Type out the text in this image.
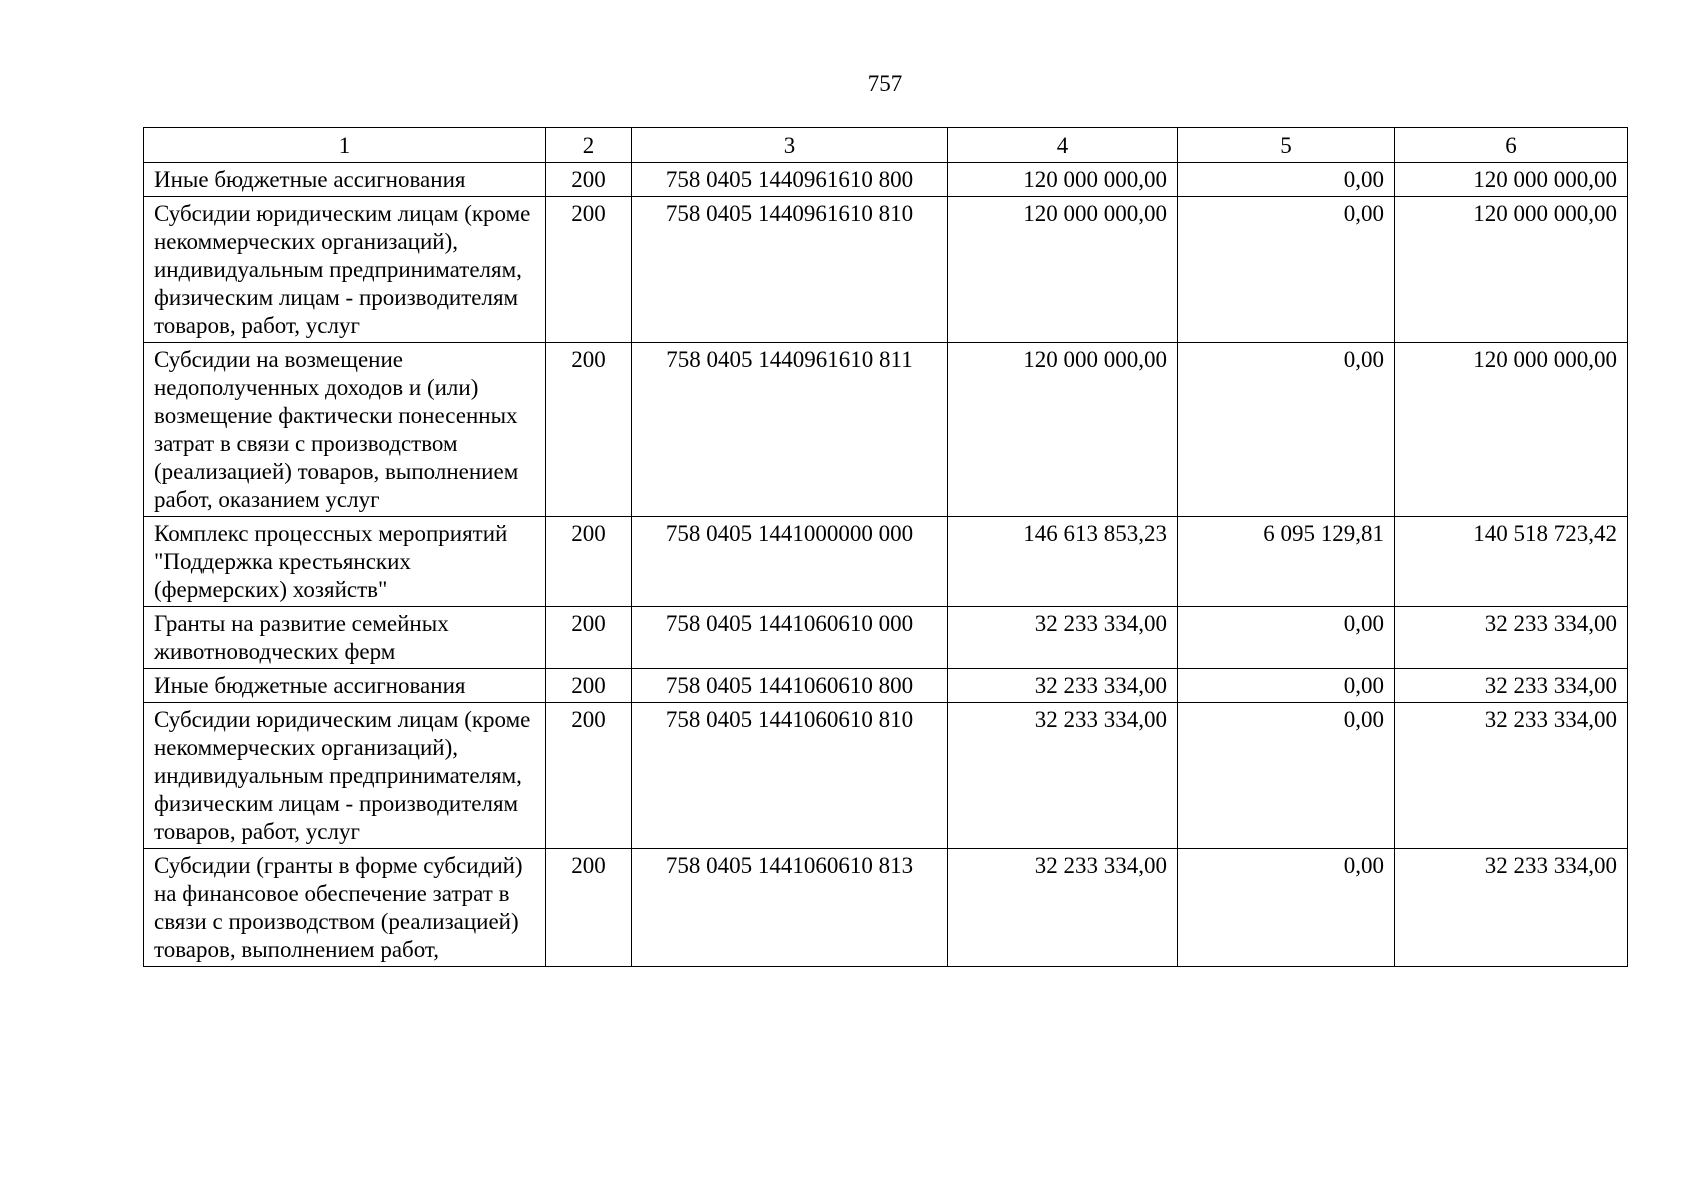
757
1	2	3	4	5	6
Иные бюджетные ассигнования	200	758 0405 1440961610 800	120 000 000,00	0,00	120 000 000,00
Субсидии юридическим лицам (кроме некоммерческих организаций), индивидуальным предпринимателям, физическим лицам - производителям товаров, работ, услуг	200	758 0405 1440961610 810	120 000 000,00	0,00	120 000 000,00
Субсидии на возмещение недополученных доходов и (или) возмещение фактически понесенных затрат в связи с производством (реализацией) товаров, выполнением работ, оказанием услуг	200	758 0405 1440961610 811	120 000 000,00	0,00	120 000 000,00
Комплекс процессных мероприятий "Поддержка крестьянских (фермерских) хозяйств"	200	758 0405 1441000000 000	146 613 853,23	6 095 129,81	140 518 723,42
Гранты на развитие семейных животноводческих ферм	200	758 0405 1441060610 000	32 233 334,00	0,00	32 233 334,00
Иные бюджетные ассигнования	200	758 0405 1441060610 800	32 233 334,00	0,00	32 233 334,00
Субсидии юридическим лицам (кроме некоммерческих организаций), индивидуальным предпринимателям, физическим лицам - производителям товаров, работ, услуг	200	758 0405 1441060610 810	32 233 334,00	0,00	32 233 334,00
Субсидии (гранты в форме субсидий) на финансовое обеспечение затрат в связи с производством (реализацией) товаров, выполнением работ,	200	758 0405 1441060610 813	32 233 334,00	0,00	32 233 334,00
